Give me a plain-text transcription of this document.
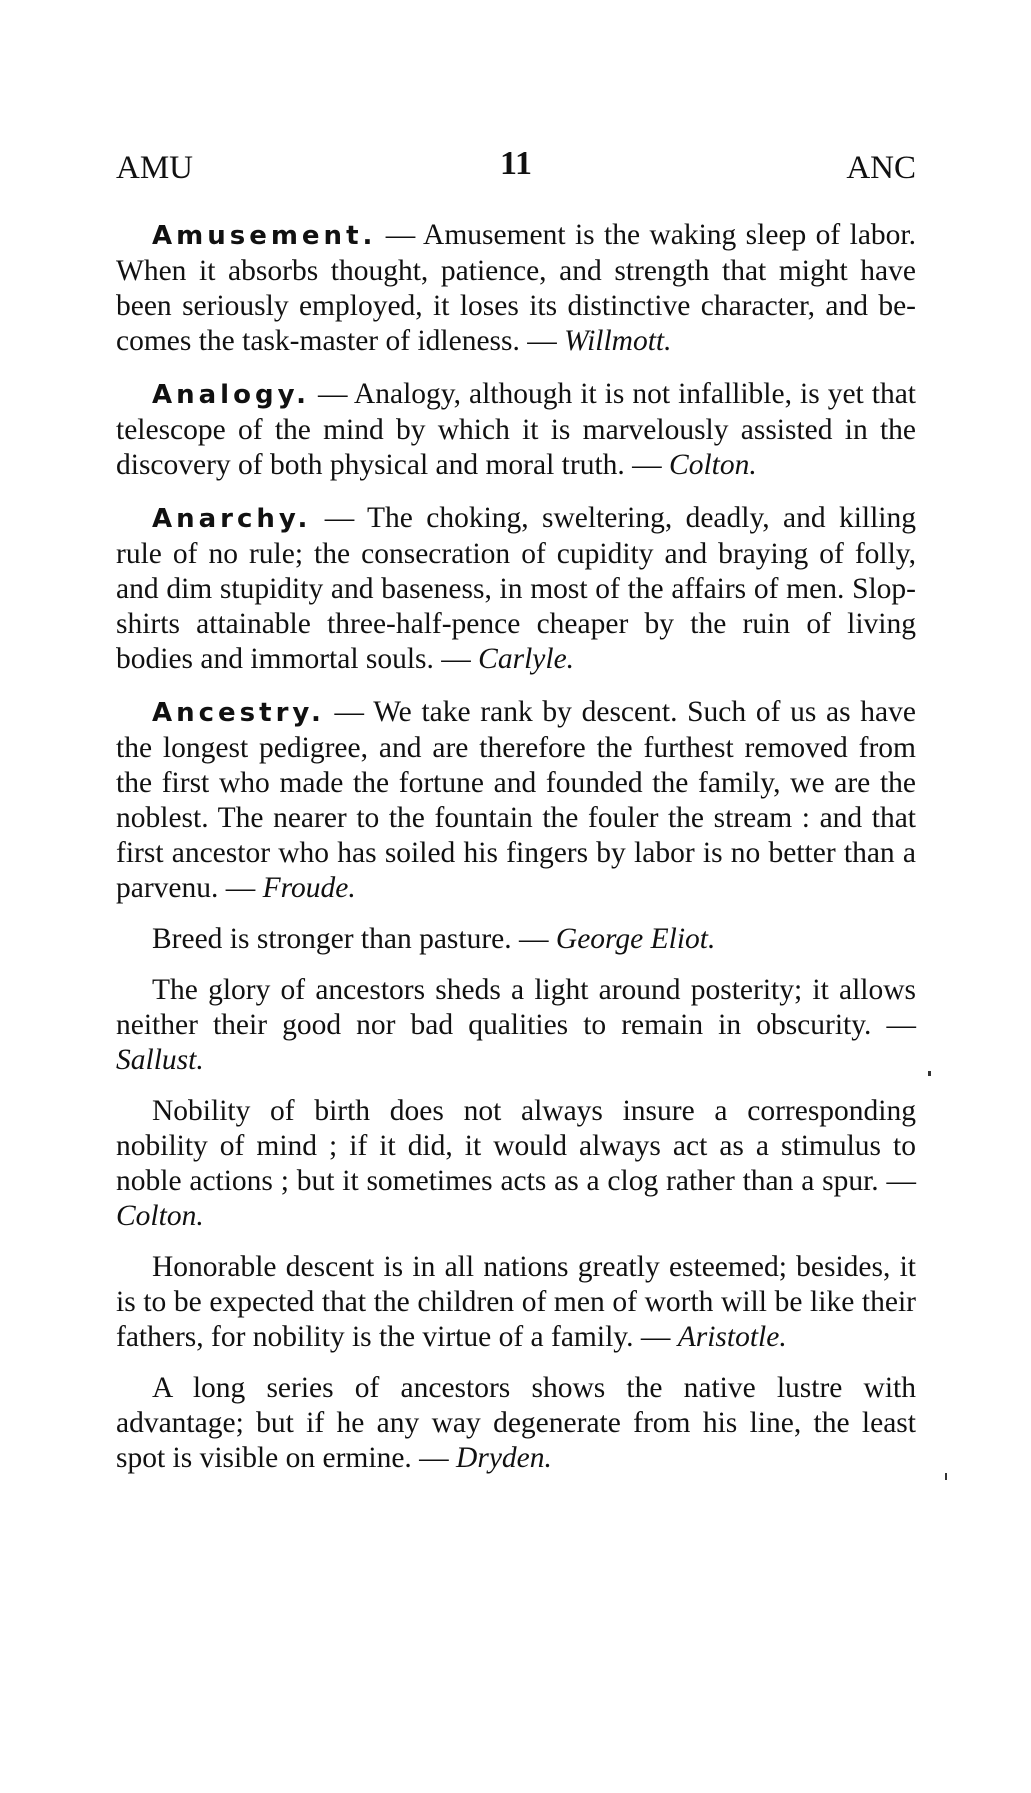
AMU	11	ANC

Amusement. — Amusement is the waking sleep of labor. When it absorbs thought, patience, and strength that might have been seriously employed, it loses its distinctive character, and becomes the task-master of idleness. — Willmott.

Analogy. — Analogy, although it is not infallible, is yet that telescope of the mind by which it is marvelously assisted in the discovery of both physical and moral truth. — Colton.

Anarchy. — The choking, sweltering, deadly, and killing rule of no rule; the consecration of cupidity and braying of folly, and dim stupidity and baseness, in most of the affairs of men. Slop-shirts attainable three-half-pence cheaper by the ruin of living bodies and immortal souls. — Carlyle.

Ancestry. — We take rank by descent. Such of us as have the longest pedigree, and are therefore the furthest removed from the first who made the fortune and founded the family, we are the noblest. The nearer to the fountain the fouler the stream : and that first ancestor who has soiled his fingers by labor is no better than a parvenu. — Froude.

Breed is stronger than pasture. — George Eliot.

The glory of ancestors sheds a light around posterity; it allows neither their good nor bad qualities to remain in obscurity. — Sallust.

Nobility of birth does not always insure a corresponding nobility of mind ; if it did, it would always act as a stimulus to noble actions ; but it sometimes acts as a clog rather than a spur. — Colton.

Honorable descent is in all nations greatly esteemed; besides, it is to be expected that the children of men of worth will be like their fathers, for nobility is the virtue of a family. — Aristotle.

A long series of ancestors shows the native lustre with advantage; but if he any way degenerate from his line, the least spot is visible on ermine. — Dryden.
